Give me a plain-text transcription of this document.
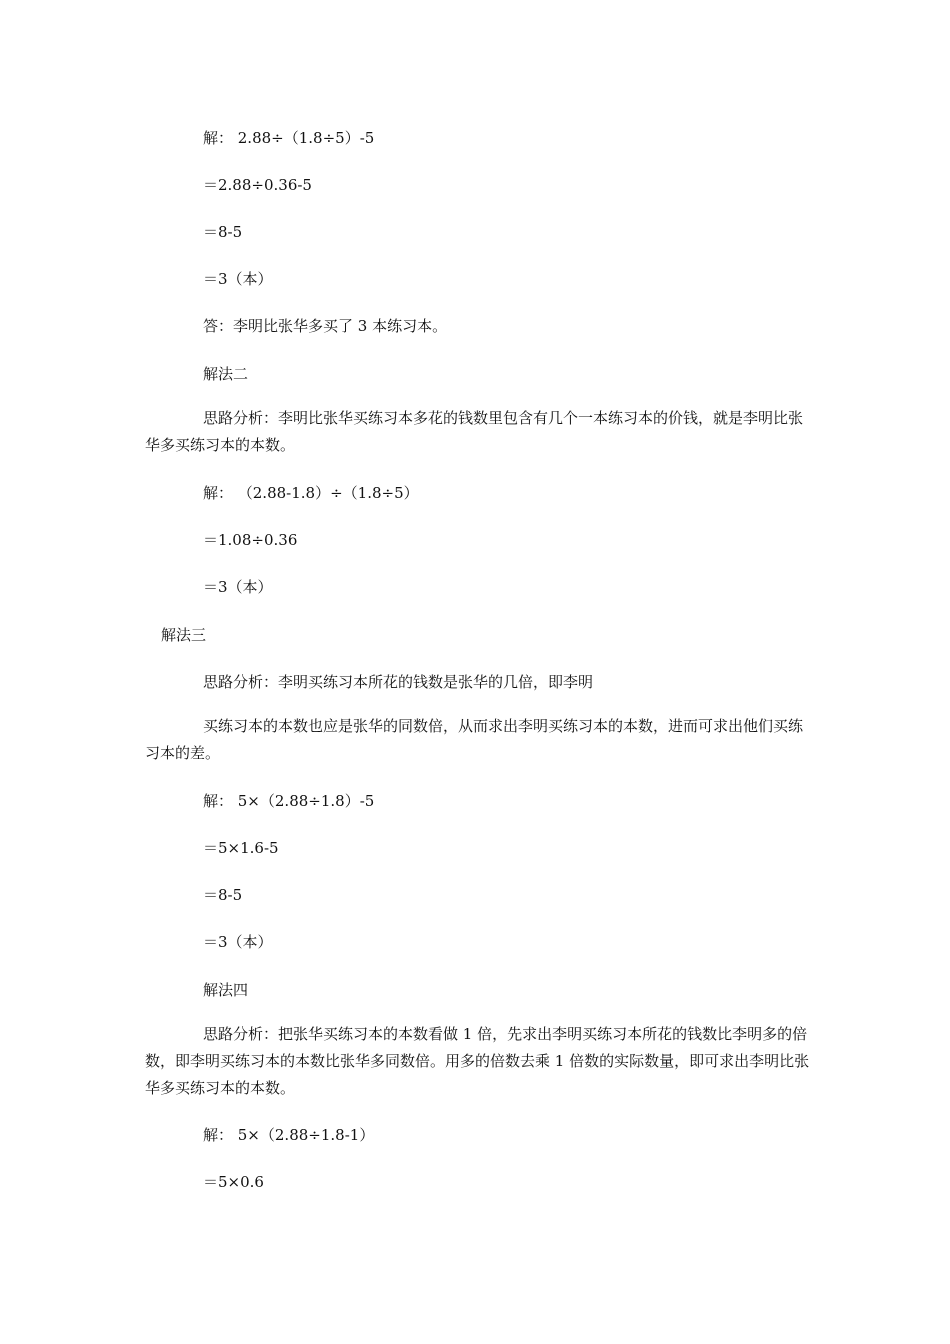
解： 2.88÷（1.8÷5）-5

＝2.88÷0.36-5

＝8-5

＝3（本）

答：李明比张华多买了 3 本练习本。

解法二

思路分析：李明比张华买练习本多花的钱数里包含有几个一本练习本的价钱，就是李明比张华多买练习本的本数。

解： （2.88-1.8）÷（1.8÷5）

＝1.08÷0.36

＝3（本）

解法三

思路分析：李明买练习本所花的钱数是张华的几倍，即李明

买练习本的本数也应是张华的同数倍，从而求出李明买练习本的本数，进而可求出他们买练习本的差。

解： 5×（2.88÷1.8）-5

＝5×1.6-5

＝8-5

＝3（本）

解法四

思路分析：把张华买练习本的本数看做 1 倍，先求出李明买练习本所花的钱数比李明多的倍数，即李明买练习本的本数比张华多同数倍。用多的倍数去乘 1 倍数的实际数量，即可求出李明比张华多买练习本的本数。

解： 5×（2.88÷1.8-1）

＝5×0.6
